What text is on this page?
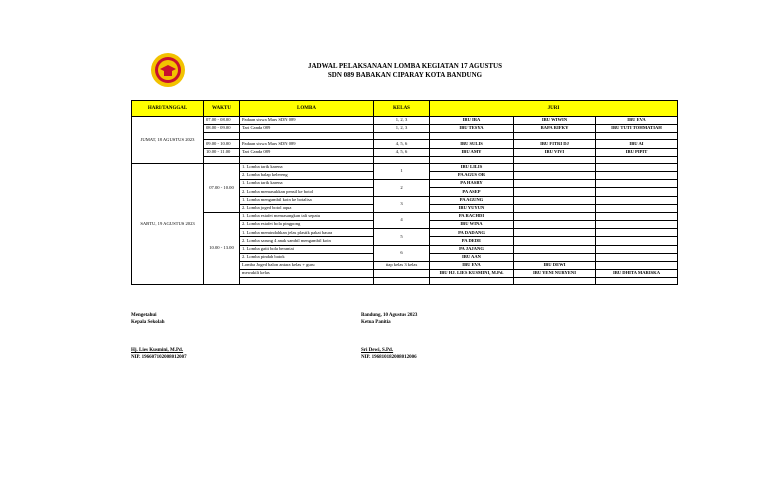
JADWAL PELAKSANAAN LOMBA KEGIATAN 17 AGUSTUS
SDN 089 BABAKAN CIPARAY KOTA BANDUNG
HARI/TANGGAL	WAKTU	LOMBA	KELAS	JURI			
JUMAT, 18 AGUSTUS 2023	07.00 - 08.00	Padaan siswa Mars SDN 089	1, 2, 3	IBU IRA	IBU WIWIN	IBU EVA	
	08.00 - 09.00	Tari Canda 089	1, 2, 3	IBU TESYA	BAPA RIFKY	IBU TUTI TOHMATIAH	

	09.00 - 10.00	Padaan siswa Mars SDN 089	4, 5, 6	IBU SULIS	IBU FITRI DJ	IBU AI	
	10.00 - 11.00	Tari Canda 089	4, 5, 6	IBU AMY	IBU VIVI	IBU PIPIT	

SABTU, 19 AGUSTUS 2023	07.00 - 10.00	1. Lomba tarik karena	1	IBU LILIS			
		2. Lomba balap kelereng		PA AGUS OR			
		1. Lomba tarik karena	2	PA HASBY			
		2. Lomba memasukkan pensil ke botol		PA ASEP			
		1. Lomba mengambil koin ke botalisa	3	PA AGUNG			
		2. Lomba joged botol aqua		IBU YUYUN			
	10.00 - 13.00	1. Lomba estafet memasangkan tali sepatu	4	PA RACHDI			
		2. Lomba estafet bola pingpong		IBU WINA			
		1. Lomba memindahkan jelas plastik pakai baura	5	PA DADANG			
		2. Lomba sarung 4 anak sambil mengambil koin		PA DEDE			
		1. Lomba gatit bola berantai	6	PA JAJANG			
		2. Lomba pindah batok		IBU AAN			
		Lomba Joged balon antara kelas + guru	tiap kelas 3 kelas	IBU EVA	IBU DEWI		
		mewakili kelas		IBU HJ. LIES KUSMINI, M.Pd.	IBU YENI NURYENI	IBU DHITA MARISKA	

Mengetahui
Kepala Sekolah
Hj. Lies Kusmini, M.Pd.
NIP. 196607102008012007
Bandung, 10 Agustus 2023
Ketua Panitia
Sri Dewi, S.Pd.
NIP. 196810182008012006
